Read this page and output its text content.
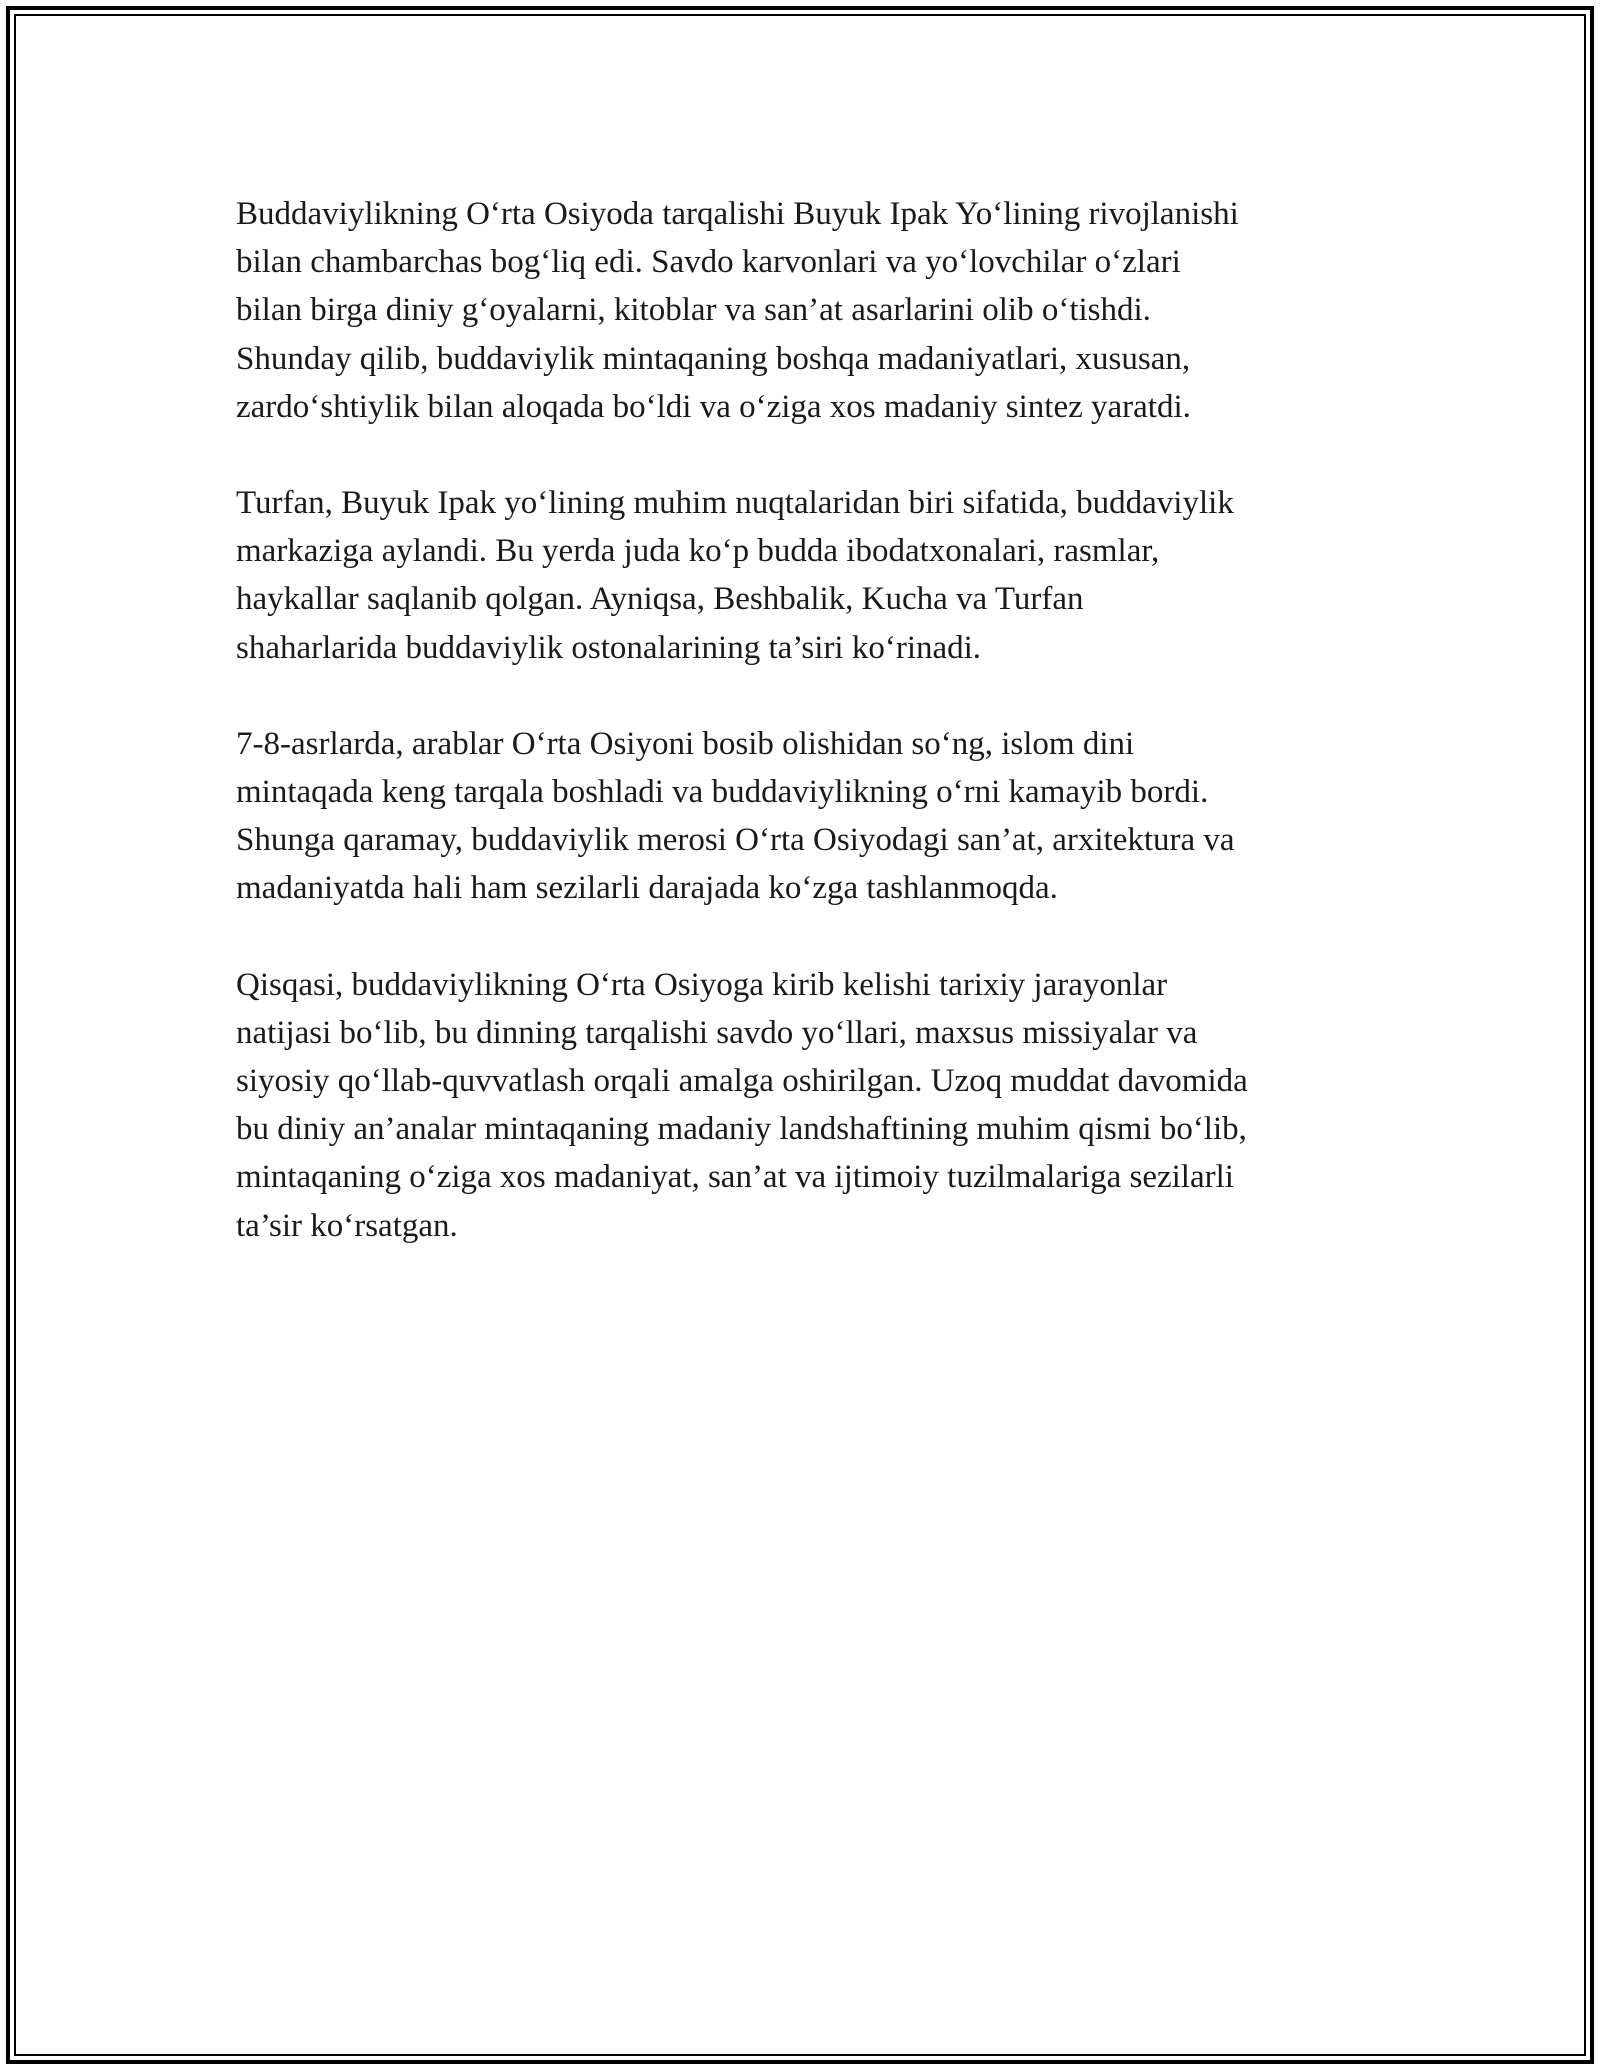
Buddaviylikning O‘rta Osiyoda tarqalishi Buyuk Ipak Yo‘lining rivojlanishi
bilan chambarchas bog‘liq edi. Savdo karvonlari va yo‘lovchilar o‘zlari
bilan birga diniy g‘oyalarni, kitoblar va san’at asarlarini olib o‘tishdi.
Shunday qilib, buddaviylik mintaqaning boshqa madaniyatlari, xususan,
zardo‘shtiylik bilan aloqada bo‘ldi va o‘ziga xos madaniy sintez yaratdi.

Turfan, Buyuk Ipak yo‘lining muhim nuqtalaridan biri sifatida, buddaviylik
markaziga aylandi. Bu yerda juda ko‘p budda ibodatxonalari, rasmlar,
haykallar saqlanib qolgan. Ayniqsa, Beshbalik, Kucha va Turfan
shaharlarida buddaviylik ostonalarining ta’siri ko‘rinadi.

7-8-asrlarda, arablar O‘rta Osiyoni bosib olishidan so‘ng, islom dini
mintaqada keng tarqala boshladi va buddaviylikning o‘rni kamayib bordi.
Shunga qaramay, buddaviylik merosi O‘rta Osiyodagi san’at, arxitektura va
madaniyatda hali ham sezilarli darajada ko‘zga tashlanmoqda.

Qisqasi, buddaviylikning O‘rta Osiyoga kirib kelishi tarixiy jarayonlar
natijasi bo‘lib, bu dinning tarqalishi savdo yo‘llari, maxsus missiyalar va
siyosiy qo‘llab-quvvatlash orqali amalga oshirilgan. Uzoq muddat davomida
bu diniy an’analar mintaqaning madaniy landshaftining muhim qismi bo‘lib,
mintaqaning o‘ziga xos madaniyat, san’at va ijtimoiy tuzilmalariga sezilarli
ta’sir ko‘rsatgan.
